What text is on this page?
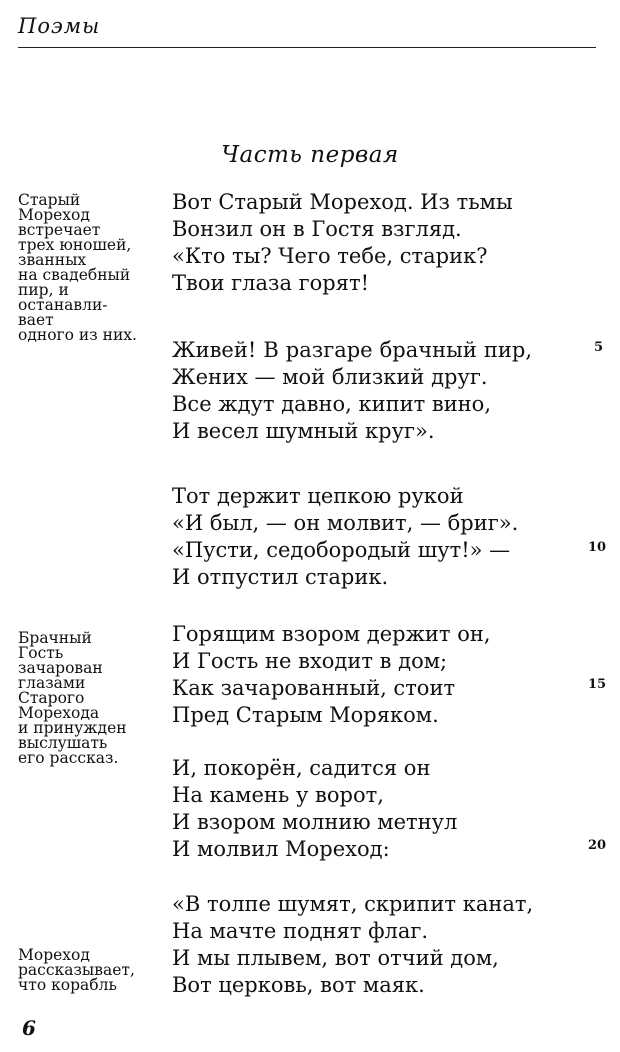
Поэмы
Часть первая
Старый
Мореход
встречает
трех юношей,
званных
на свадебный
пир, и
останавли-
вает
одного из них.
Брачный
Гость
зачарован
глазами
Старого
Морехода
и принужден
выслушать
его рассказ.
Мореход
рассказывает,
что корабль
Вот Старый Мореход. Из тьмы
Вонзил он в Гостя взгляд.
«Кто ты? Чего тебе, старик?
Твои глаза горят!
Живей! В разгаре брачный пир,
Жених — мой близкий друг.
Все ждут давно, кипит вино,
И весел шумный круг».
Тот держит цепкою рукой
«И был, — он молвит, — бриг».
«Пусти, седобородый шут!» —
И отпустил старик.
Горящим взором держит он,
И Гость не входит в дом;
Как зачарованный, стоит
Пред Старым Моряком.
И, покорён, садится он
На камень у ворот,
И взором молнию метнул
И молвил Мореход:
«В толпе шумят, скрипит канат,
На мачте поднят флаг.
И мы плывем, вот отчий дом,
Вот церковь, вот маяк.
5
10
15
20
6
